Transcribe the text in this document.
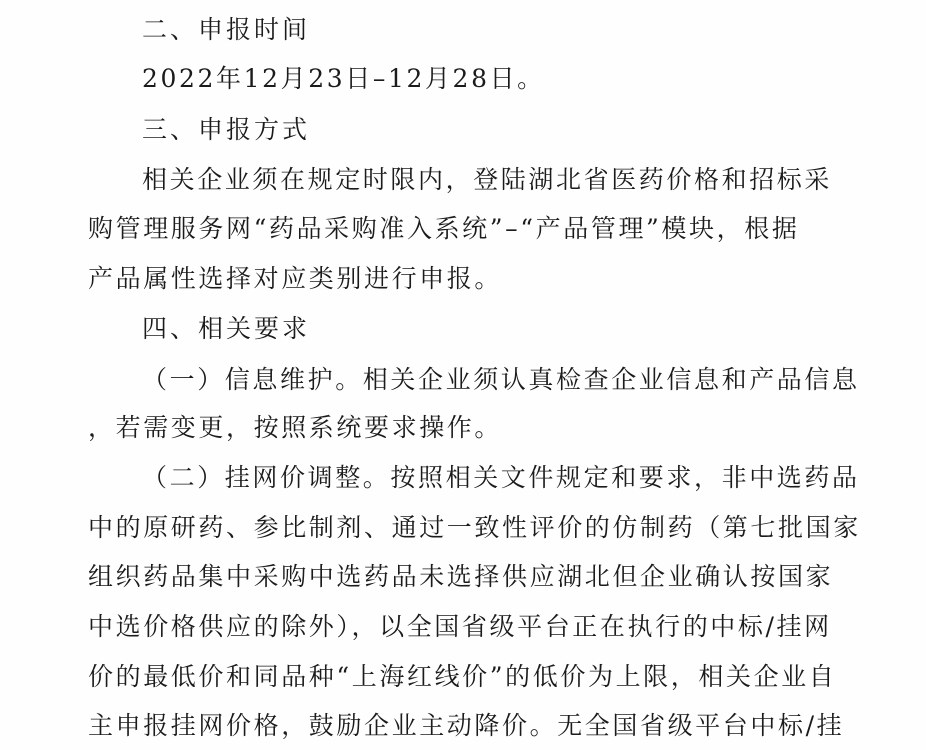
二、申报时间
2022年12月23日–12月28日。
三、申报方式
相关企业须在规定时限内，登陆湖北省医药价格和招标采
购管理服务网“药品采购准入系统”–“产品管理”模块，根据
产品属性选择对应类别进行申报。
四、相关要求
（一）信息维护。相关企业须认真检查企业信息和产品信息
，若需变更，按照系统要求操作。
（二）挂网价调整。按照相关文件规定和要求，非中选药品
中的原研药、参比制剂、通过一致性评价的仿制药（第七批国家
组织药品集中采购中选药品未选择供应湖北但企业确认按国家
中选价格供应的除外），以全国省级平台正在执行的中标/挂网
价的最低价和同品种“上海红线价”的低价为上限，相关企业自
主申报挂网价格，鼓励企业主动降价。无全国省级平台中标/挂
